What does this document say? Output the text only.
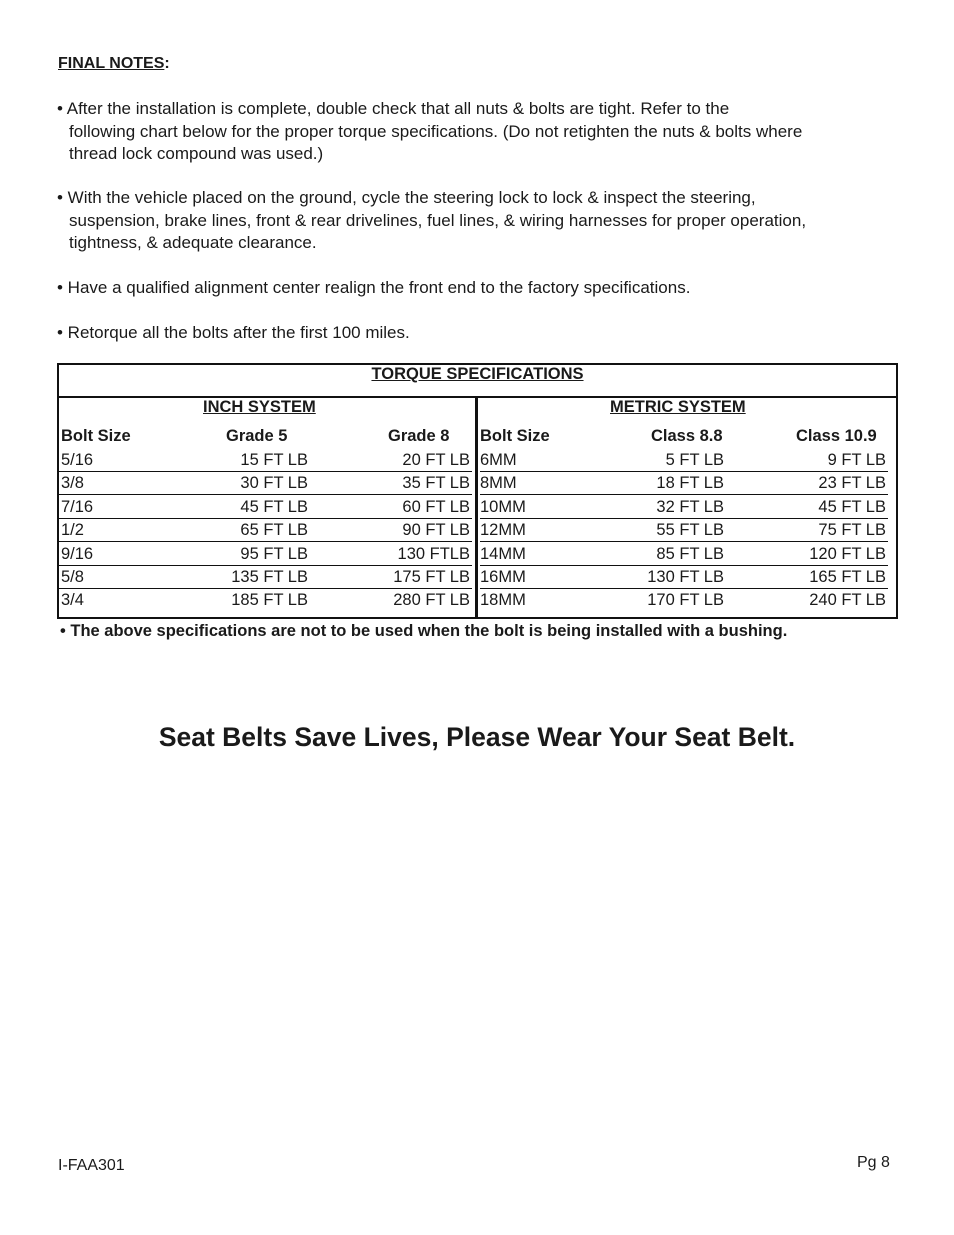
FINAL NOTES:
• After the installation is complete, double check that all nuts & bolts are tight. Refer to the
following chart below for the proper torque specifications. (Do not retighten the nuts & bolts where
thread lock compound was used.)
• With the vehicle placed on the ground, cycle the steering lock to lock & inspect the steering,
suspension, brake lines, front & rear drivelines, fuel lines, & wiring harnesses for proper operation,
tightness, & adequate clearance.
• Have a qualified alignment center realign the front end to the factory specifications.
• Retorque all the bolts after the first 100 miles.
TORQUE SPECIFICATIONS
INCH SYSTEM	METRIC SYSTEM
Bolt Size	Grade 5	Grade 8 Bolt Size	Class 8.8	Class 10.9
5/16	15 FT LB	20 FT LB 6MM	5 FT LB	9 FT LB
3/8	30 FT LB	35 FT LB 8MM	18 FT LB	23 FT LB
7/16	45 FT LB	60 FT LB 10MM	32 FT LB	45 FT LB
1/2	65 FT LB	90 FT LB 12MM	55 FT LB	75 FT LB
9/16	95 FT LB	130 FTLB 14MM	85 FT LB	120 FT LB
5/8	135 FT LB	175 FT LB 16MM	130 FT LB	165 FT LB
3/4	185 FT LB	280 FT LB 18MM	170 FT LB	240 FT LB
• The above specifications are not to be used when the bolt is being installed with a bushing.
Seat Belts Save Lives, Please Wear Your Seat Belt.
I-FAA301	Pg 8
